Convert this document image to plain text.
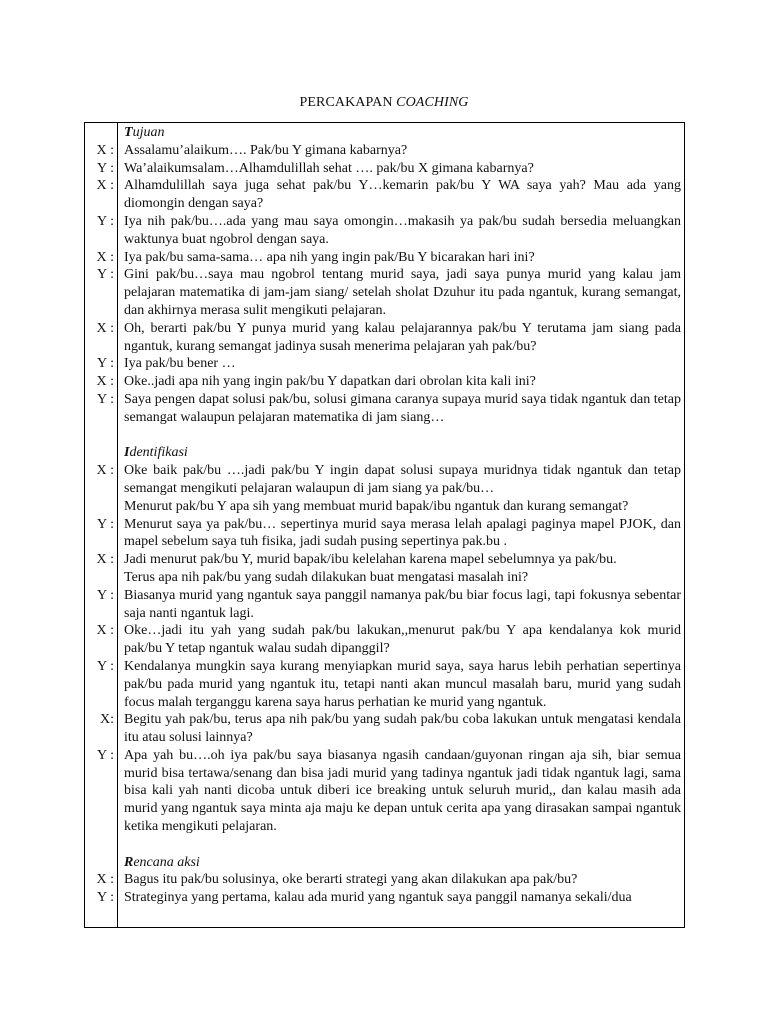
PERCAKAPAN COACHING
Tujuan
X : Assalamu’alaikum…. Pak/bu Y gimana kabarnya?
Y : Wa’alaikumsalam…Alhamdulillah sehat …. pak/bu X gimana kabarnya?
X : Alhamdulillah saya juga sehat pak/bu Y…kemarin pak/bu Y WA saya yah? Mau ada yang diomongin dengan saya?
Y : Iya nih pak/bu….ada yang mau saya omongin…makasih ya pak/bu sudah bersedia meluangkan waktunya buat ngobrol dengan saya.
X : Iya pak/bu sama-sama… apa nih yang ingin pak/Bu Y bicarakan hari ini?
Y : Gini pak/bu…saya mau ngobrol tentang murid saya, jadi saya punya murid yang kalau jam pelajaran matematika di jam-jam siang/ setelah sholat Dzuhur itu pada ngantuk, kurang semangat, dan akhirnya merasa sulit mengikuti pelajaran.
X : Oh, berarti pak/bu Y punya murid yang kalau pelajarannya pak/bu Y terutama jam siang pada ngantuk, kurang semangat jadinya susah menerima pelajaran yah pak/bu?
Y : Iya pak/bu bener …
X : Oke..jadi apa nih yang ingin pak/bu Y dapatkan dari obrolan kita kali ini?
Y : Saya pengen dapat solusi pak/bu, solusi gimana caranya supaya murid saya tidak ngantuk dan tetap semangat walaupun pelajaran matematika di jam siang…
Identifikasi
X : Oke baik pak/bu ….jadi pak/bu Y ingin dapat solusi supaya muridnya tidak ngantuk dan tetap semangat mengikuti pelajaran walaupun di jam siang ya pak/bu…
Menurut pak/bu Y apa sih yang membuat murid bapak/ibu ngantuk dan kurang semangat?
Y : Menurut saya ya pak/bu… sepertinya murid saya merasa lelah apalagi paginya mapel PJOK, dan mapel sebelum saya tuh fisika, jadi sudah pusing sepertinya pak.bu .
X : Jadi menurut pak/bu Y, murid bapak/ibu kelelahan karena mapel sebelumnya ya pak/bu.
Terus apa nih pak/bu yang sudah dilakukan buat mengatasi masalah ini?
Y : Biasanya murid yang ngantuk saya panggil namanya pak/bu biar focus lagi, tapi fokusnya sebentar saja nanti ngantuk lagi.
X : Oke…jadi itu yah yang sudah pak/bu lakukan,,menurut pak/bu Y apa kendalanya kok murid pak/bu Y tetap ngantuk walau sudah dipanggil?
Y : Kendalanya mungkin saya kurang menyiapkan murid saya, saya harus lebih perhatian sepertinya pak/bu pada murid yang ngantuk itu, tetapi nanti akan muncul masalah baru, murid yang sudah focus malah terganggu karena saya harus perhatian ke murid yang ngantuk.
X: Begitu yah pak/bu, terus apa nih pak/bu yang sudah pak/bu coba lakukan untuk mengatasi kendala itu atau solusi lainnya?
Y : Apa yah bu….oh iya pak/bu saya biasanya ngasih candaan/guyonan ringan aja sih, biar semua murid bisa tertawa/senang dan bisa jadi murid yang tadinya ngantuk jadi tidak ngantuk lagi, sama bisa kali yah nanti dicoba untuk diberi ice breaking untuk seluruh murid,, dan kalau masih ada murid yang ngantuk saya minta aja maju ke depan untuk cerita apa yang dirasakan sampai ngantuk ketika mengikuti pelajaran.
Rencana aksi
X : Bagus itu pak/bu solusinya, oke berarti strategi yang akan dilakukan apa pak/bu?
Y : Strateginya yang pertama, kalau ada murid yang ngantuk saya panggil namanya sekali/dua
